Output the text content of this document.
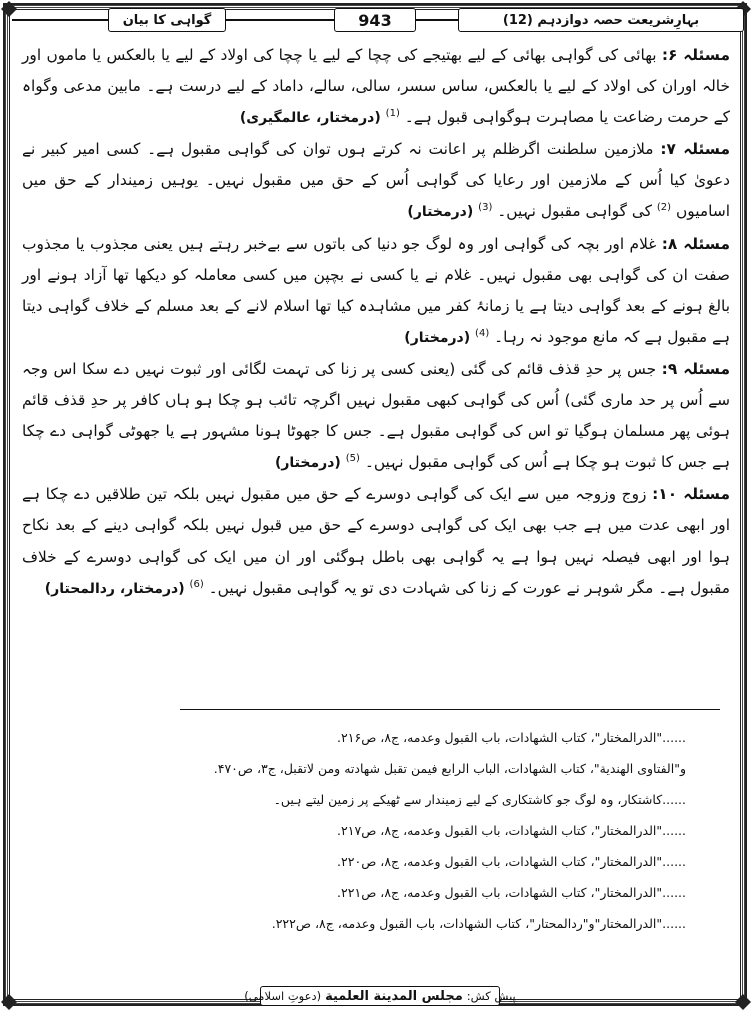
گواہی کا بیان	943	بہارِشریعت حصہ دوازدہم (12)

مسئلہ ۶: بھائی کی گواہی بھائی کے لیے بھتیجے کی چچا کے لیے یا چچا کی اولاد کے لیے یا بالعکس یا ماموں اور خالہ اوران کی اولاد کے لیے یا بالعکس، ساس سسر، سالی، سالے، داماد کے لیے درست ہے۔ مابین مدعی وگواہ کے حرمت رضاعت یا مصاہرت ہوگواہی قبول ہے۔ $^{(1)}$ (درمختار، عالمگیری)

مسئلہ ۷: ملازمین سلطنت اگرظلم پر اعانت نہ کرتے ہوں توان کی گواہی مقبول ہے۔ کسی امیر کبیر نے دعویٰ کیا اُس کے ملازمین اور رعایا کی گواہی اُس کے حق میں مقبول نہیں۔ یوہیں زمیندار کے حق میں اسامیوں $^{(2)}$ کی گواہی مقبول نہیں۔ $^{(3)}$ (درمختار)

مسئلہ ۸: غلام اور بچہ کی گواہی اور وہ لوگ جو دنیا کی باتوں سے بےخبر رہتے ہیں یعنی مجذوب یا مجذوب صفت ان کی گواہی بھی مقبول نہیں۔ غلام نے یا کسی نے بچپن میں کسی معاملہ کو دیکھا تھا آزاد ہونے اور بالغ ہونے کے بعد گواہی دیتا ہے یا زمانۂ کفر میں مشاہدہ کیا تھا اسلام لانے کے بعد مسلم کے خلاف گواہی دیتا ہے مقبول ہے کہ مانع موجود نہ رہا۔ $^{(4)}$ (درمختار)

مسئلہ ۹: جس پر حدِ قذف قائم کی گئی (یعنی کسی پر زنا کی تہمت لگائی اور ثبوت نہیں دے سکا اس وجہ سے اُس پر حد ماری گئی) اُس کی گواہی کبھی مقبول نہیں اگرچہ تائب ہو چکا ہو ہاں کافر پر حدِ قذف قائم ہوئی پھر مسلمان ہوگیا تو اس کی گواہی مقبول ہے۔ جس کا جھوٹا ہونا مشہور ہے یا جھوٹی گواہی دے چکا ہے جس کا ثبوت ہو چکا ہے اُس کی گواہی مقبول نہیں۔ $^{(5)}$ (درمختار)

مسئلہ ۱۰: زوج وزوجہ میں سے ایک کی گواہی دوسرے کے حق میں مقبول نہیں بلکہ تین طلاقیں دے چکا ہے اور ابھی عدت میں ہے جب بھی ایک کی گواہی دوسرے کے حق میں قبول نہیں بلکہ گواہی دینے کے بعد نکاح ہوا اور ابھی فیصلہ نہیں ہوا ہے یہ گواہی بھی باطل ہوگئی اور ان میں ایک کی گواہی دوسرے کے خلاف مقبول ہے۔ مگر شوہر نے عورت کے زنا کی شہادت دی تو یہ گواہی مقبول نہیں۔ $^{(6)}$ (درمختار، ردالمحتار)

......"الدرالمختار"، كتاب الشهادات، باب القبول وعدمه، ج۸، ص۲۱۶.
و"الفتاوى الهندية"، كتاب الشهادات، الباب الرابع فيمن تقبل شهادته ومن لاتقبل، ج۳، ص۴۷۰.
......کاشتکار، وہ لوگ جو کاشتکاری کے لیے زمیندار سے ٹھیکے پر زمین لیتے ہیں۔
......"الدرالمختار"، كتاب الشهادات، باب القبول وعدمه، ج۸، ص۲۱۷.
......"الدرالمختار"، كتاب الشهادات، باب القبول وعدمه، ج۸، ص۲۲۰.
......"الدرالمختار"، كتاب الشهادات، باب القبول وعدمه، ج۸، ص۲۲۱.
......"الدرالمختار"و"ردالمحتار"، كتاب الشهادات، باب القبول وعدمه، ج۸، ص۲۲۲.
پیش کش:
مجلس المدينة العلمية
(دعوتِ اسلامی)
